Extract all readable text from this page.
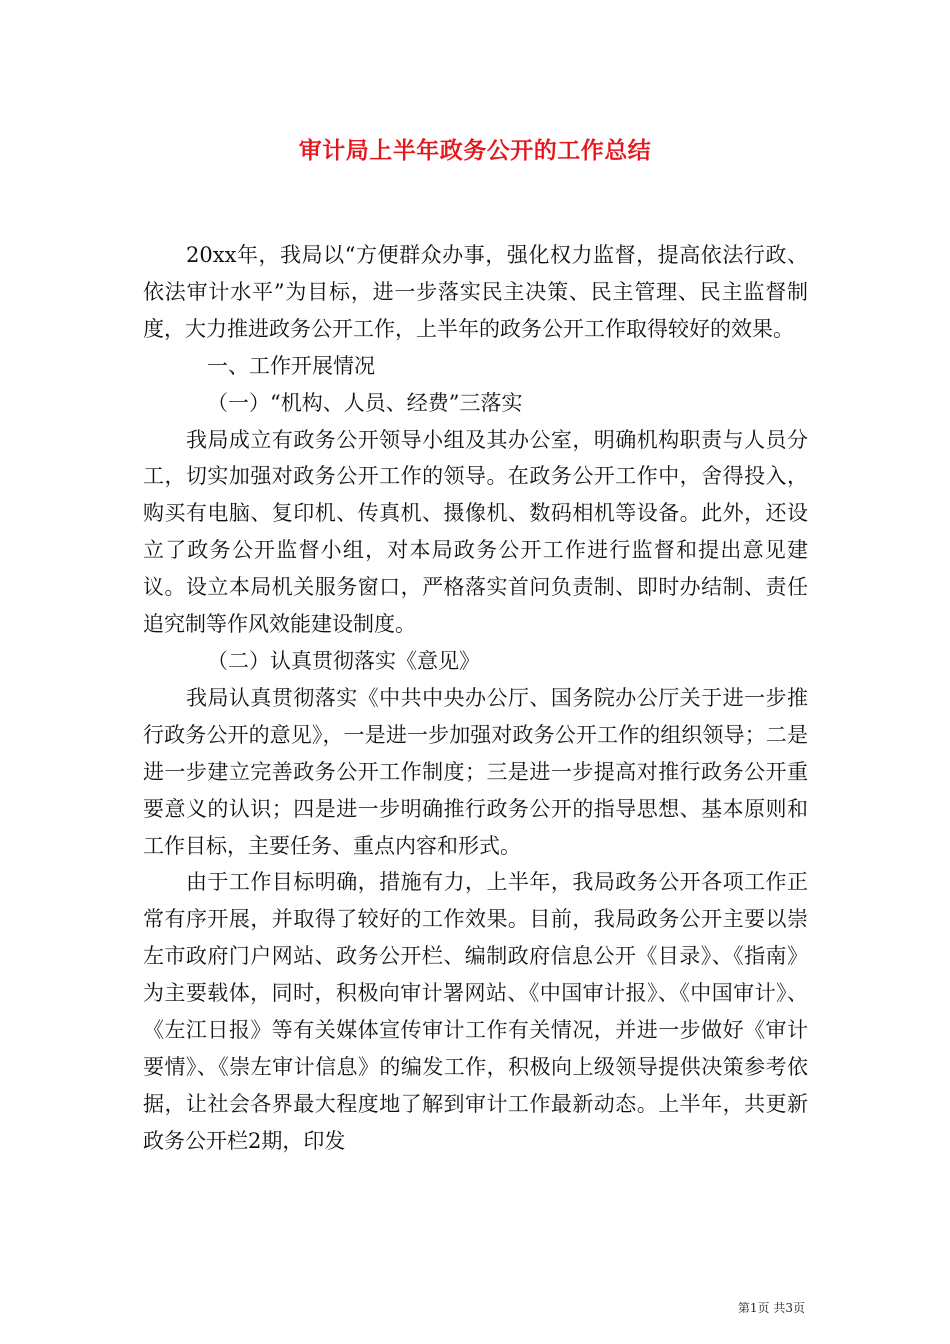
审计局上半年政务公开的工作总结

20xx年，我局以“方便群众办事，强化权力监督，提高依法行政、依法审计水平”为目标，进一步落实民主决策、民主管理、民主监督制度，大力推进政务公开工作，上半年的政务公开工作取得较好的效果。

一、工作开展情况

（一）“机构、人员、经费”三落实

我局成立有政务公开领导小组及其办公室，明确机构职责与人员分工，切实加强对政务公开工作的领导。在政务公开工作中，舍得投入，购买有电脑、复印机、传真机、摄像机、数码相机等设备。此外，还设立了政务公开监督小组，对本局政务公开工作进行监督和提出意见建议。设立本局机关服务窗口，严格落实首问负责制、即时办结制、责任追究制等作风效能建设制度。

（二）认真贯彻落实《意见》

我局认真贯彻落实《中共中央办公厅、国务院办公厅关于进一步推行政务公开的意见》，一是进一步加强对政务公开工作的组织领导；二是进一步建立完善政务公开工作制度；三是进一步提高对推行政务公开重要意义的认识；四是进一步明确推行政务公开的指导思想、基本原则和工作目标，主要任务、重点内容和形式。

由于工作目标明确，措施有力，上半年，我局政务公开各项工作正常有序开展，并取得了较好的工作效果。目前，我局政务公开主要以崇左市政府门户网站、政务公开栏、编制政府信息公开《目录》、《指南》为主要载体，同时，积极向审计署网站、《中国审计报》、《中国审计》、《左江日报》等有关媒体宣传审计工作有关情况，并进一步做好《审计要情》、《崇左审计信息》的编发工作，积极向上级领导提供决策参考依据，让社会各界最大程度地了解到审计工作最新动态。上半年，共更新政务公开栏2期，印发

第1页 共3页
